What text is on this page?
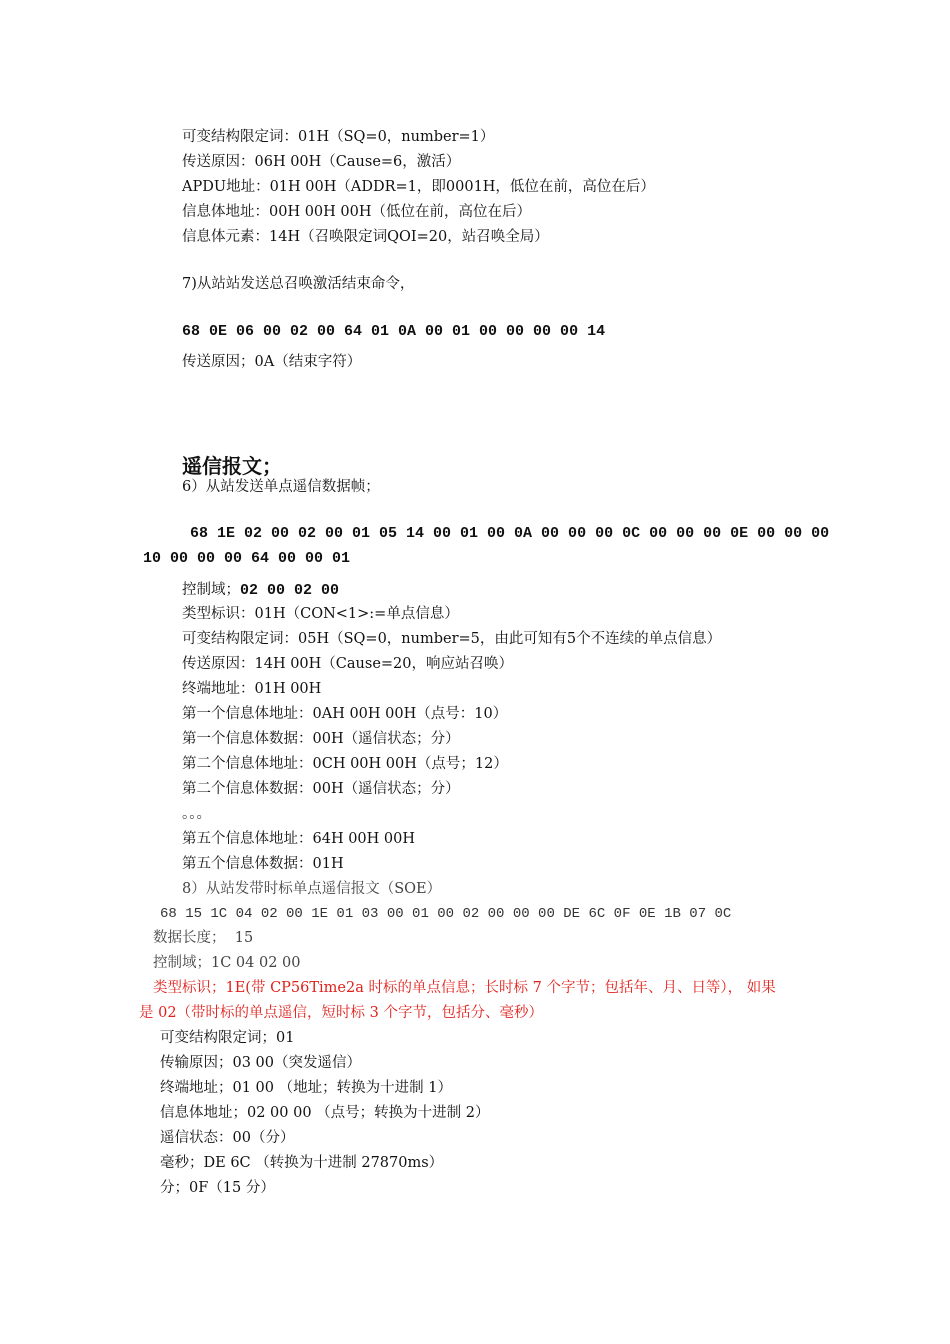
可变结构限定词：01H（SQ=0，number=1）
传送原因：06H 00H（Cause=6，激活）
APDU地址：01H 00H（ADDR=1，即0001H，低位在前，高位在后）
信息体地址：00H 00H 00H（低位在前，高位在后）
信息体元素：14H（召唤限定词QOI=20，站召唤全局）
7)从站站发送总召唤激活结束命令，
68 0E 06 00 02 00 64 01 0A 00 01 00 00 00 00 14
传送原因；0A（结束字符）
遥信报文；
6）从站发送单点遥信数据帧；
68 1E 02 00 02 00 01 05 14 00 01 00 0A 00 00 00 0C 00 00 00 0E 00 00 00
10 00 00 00 64 00 00 01
控制域；02 00 02 00
类型标识：01H（CON<1>:=单点信息）
可变结构限定词：05H（SQ=0，number=5，由此可知有5个不连续的单点信息）
传送原因：14H 00H（Cause=20，响应站召唤）
终端地址：01H 00H
第一个信息体地址：0AH 00H 00H（点号：10）
第一个信息体数据：00H（遥信状态；分）
第二个信息体地址：0CH 00H 00H（点号；12）
第二个信息体数据：00H（遥信状态；分）
。。。
第五个信息体地址：64H 00H 00H
第五个信息体数据：01H
8）从站发带时标单点遥信报文（SOE）
68 15 1C 04 02 00 1E 01 03 00 01 00 02 00 00 00 DE 6C 0F 0E 1B 07 0C
数据长度；  15
控制域；1C 04 02 00
类型标识；1E(带 CP56Time2a 时标的单点信息；长时标 7 个字节；包括年、月、日等）， 如果
是 02（带时标的单点遥信，短时标 3 个字节，包括分、毫秒）
可变结构限定词；01
传输原因；03 00（突发遥信）
终端地址；01 00 （地址；转换为十进制 1）
信息体地址；02 00 00 （点号；转换为十进制 2）
遥信状态：00（分）
毫秒；DE 6C （转换为十进制 27870ms）
分；0F（15 分）
